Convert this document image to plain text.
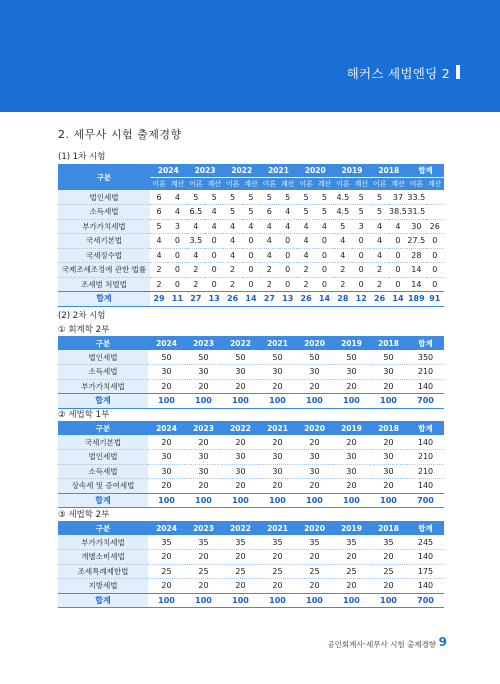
해커스 세법엔딩 2
2. 세무사 시험 출제경향
(1) 1차 시험
구분	2024		2023		2022		2021		2020		2019		2018		합계	
	이론	계산	이론	계산	이론	계산	이론	계산	이론	계산	이론	계산	이론	계산	이론	계산
법인세법	6	4	5	5	5	5	5	5	5	5	4.5	5	5	37	33.5	
소득세법	6	4	6.5	4	5	5	6	4	5	5	4.5	5	5	38.5	31.5	
부가가치세법	5	3	4	4	4	4	4	4	4	4	5	3	4	4	30	26
국세기본법	4	0	3.5	0	4	0	4	0	4	0	4	0	4	0	27.5	0
국세징수법	4	0	4	0	4	0	4	0	4	0	4	0	4	0	28	0
국제조세조정에 관한 법률	2	0	2	0	2	0	2	0	2	0	2	0	2	0	14	0
조세범 처벌법	2	0	2	0	2	0	2	0	2	0	2	0	2	0	14	0
합계	29	11	27	13	26	14	27	13	26	14	28	12	26	14	189	91
(2) 2차 시험
① 회계학 2부
구분	2024	2023	2022	2021	2020	2019	2018	합계
법인세법	50	50	50	50	50	50	50	350
소득세법	30	30	30	30	30	30	30	210
부가가치세법	20	20	20	20	20	20	20	140
합계	100	100	100	100	100	100	100	700
② 세법학 1부
구분	2024	2023	2022	2021	2020	2019	2018	합계
국세기본법	20	20	20	20	20	20	20	140
법인세법	30	30	30	30	30	30	30	210
소득세법	30	30	30	30	30	30	30	210
상속세 및 증여세법	20	20	20	20	20	20	20	140
합계	100	100	100	100	100	100	100	700
③ 세법학 2부
구분	2024	2023	2022	2021	2020	2019	2018	합계
부가가치세법	35	35	35	35	35	35	35	245
개별소비세법	20	20	20	20	20	20	20	140
조세특례제한법	25	25	25	25	25	25	25	175
지방세법	20	20	20	20	20	20	20	140
합계	100	100	100	100	100	100	100	700
공인회계사·세무사 시험 출제경향 9
